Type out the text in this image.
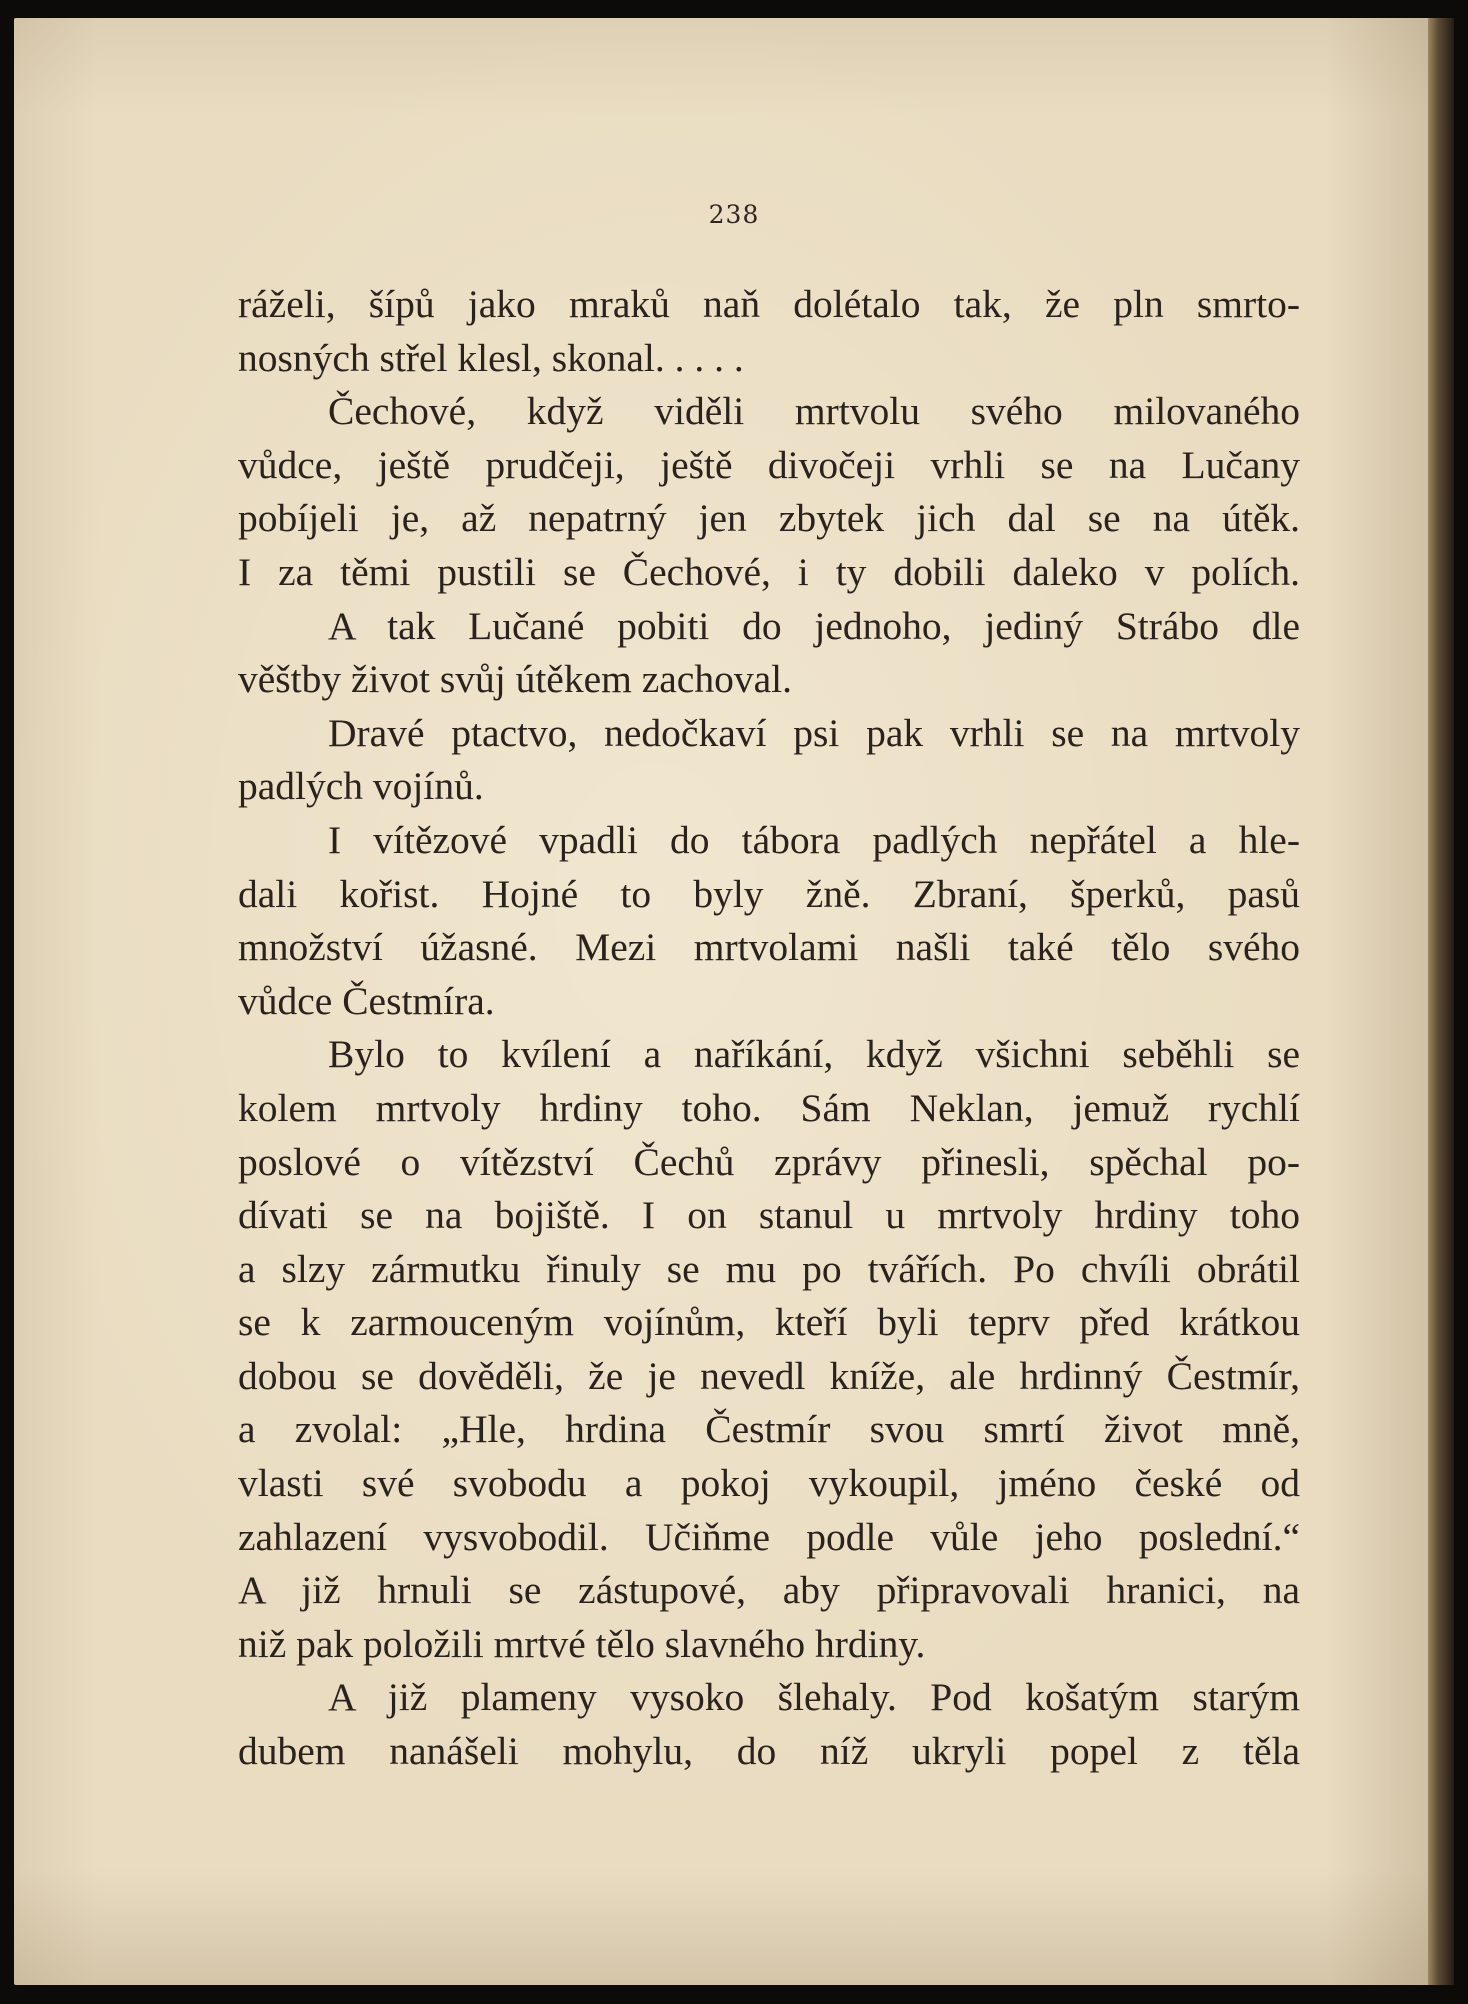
238
ráželi, šípů jako mraků naň dolétalo tak, že pln smrto-
nosných střel klesl, skonal. . . . .
Čechové, když viděli mrtvolu svého milovaného
vůdce, ještě prudčeji, ještě divočeji vrhli se na Lučany
pobíjeli je, až nepatrný jen zbytek jich dal se na útěk.
I za těmi pustili se Čechové, i ty dobili daleko v polích.
A tak Lučané pobiti do jednoho, jediný Strábo dle
věštby život svůj útěkem zachoval.
Dravé ptactvo, nedočkaví psi pak vrhli se na mrtvoly
padlých vojínů.
I vítězové vpadli do tábora padlých nepřátel a hle-
dali kořist. Hojné to byly žně. Zbraní, šperků, pasů
množství úžasné. Mezi mrtvolami našli také tělo svého
vůdce Čestmíra.
Bylo to kvílení a naříkání, když všichni seběhli se
kolem mrtvoly hrdiny toho. Sám Neklan, jemuž rychlí
poslové o vítězství Čechů zprávy přinesli, spěchal po-
dívati se na bojiště. I on stanul u mrtvoly hrdiny toho
a slzy zármutku řinuly se mu po tvářích. Po chvíli obrátil
se k zarmouceným vojínům, kteří byli teprv před krátkou
dobou se dověděli, že je nevedl kníže, ale hrdinný Čestmír,
a zvolal: „Hle, hrdina Čestmír svou smrtí život mně,
vlasti své svobodu a pokoj vykoupil, jméno české od
zahlazení vysvobodil. Učiňme podle vůle jeho poslední.“
A již hrnuli se zástupové, aby připravovali hranici, na
niž pak položili mrtvé tělo slavného hrdiny.
A již plameny vysoko šlehaly. Pod košatým starým
dubem nanášeli mohylu, do níž ukryli popel z těla
